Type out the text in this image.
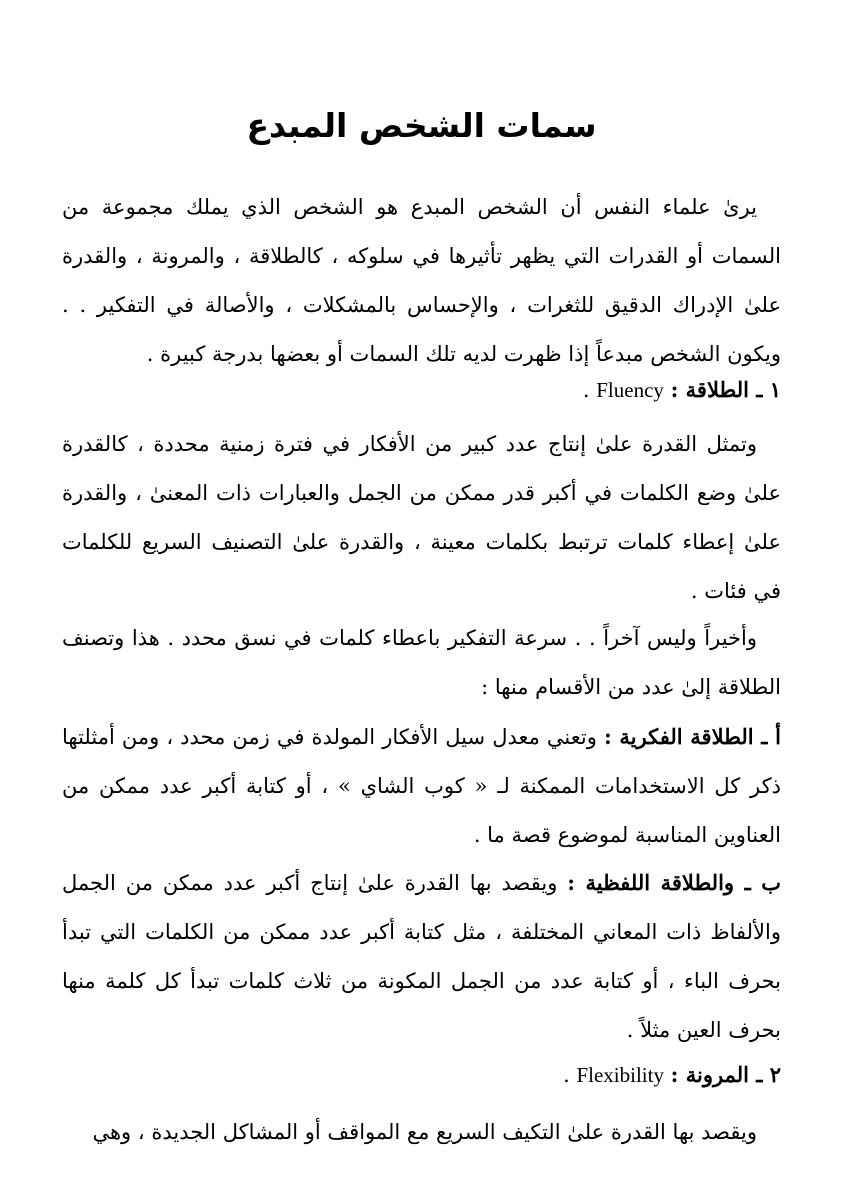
سمات الشخص المبدع

يرىٰ علماء النفس أن الشخص المبدع هو الشخص الذي يملك مجموعة من السمات أو القدرات التي يظهر تأثيرها في سلوكه ، كالطلاقة ، والمرونة ، والقدرة علىٰ الإدراك الدقيق للثغرات ، والإحساس بالمشكلات ، والأصالة في التفكير . . ويكون الشخص مبدعاً إذا ظهرت لديه تلك السمات أو بعضها بدرجة كبيرة .

١ ـ الطلاقة : Fluency .

وتمثل القدرة علىٰ إنتاج عدد كبير من الأفكار في فترة زمنية محددة ، كالقدرة علىٰ وضع الكلمات في أكبر قدر ممكن من الجمل والعبارات ذات المعنىٰ ، والقدرة علىٰ إعطاء كلمات ترتبط بكلمات معينة ، والقدرة علىٰ التصنيف السريع للكلمات في فئات .

وأخيراً وليس آخراً . . سرعة التفكير باعطاء كلمات في نسق محدد . هذا وتصنف الطلاقة إلىٰ عدد من الأقسام منها :

أ ـ الطلاقة الفكرية : وتعني معدل سيل الأفكار المولدة في زمن محدد ، ومن أمثلتها ذكر كل الاستخدامات الممكنة لـ « كوب الشاي » ، أو كتابة أكبر عدد ممكن من العناوين المناسبة لموضوع قصة ما .

ب ـ والطلاقة اللفظية : ويقصد بها القدرة علىٰ إنتاج أكبر عدد ممكن من الجمل والألفاظ ذات المعاني المختلفة ، مثل كتابة أكبر عدد ممكن من الكلمات التي تبدأ بحرف الباء ، أو كتابة عدد من الجمل المكونة من ثلاث كلمات تبدأ كل كلمة منها بحرف العين مثلاً .

٢ ـ المرونة : Flexibility .

ويقصد بها القدرة علىٰ التكيف السريع مع المواقف أو المشاكل الجديدة ، وهي
